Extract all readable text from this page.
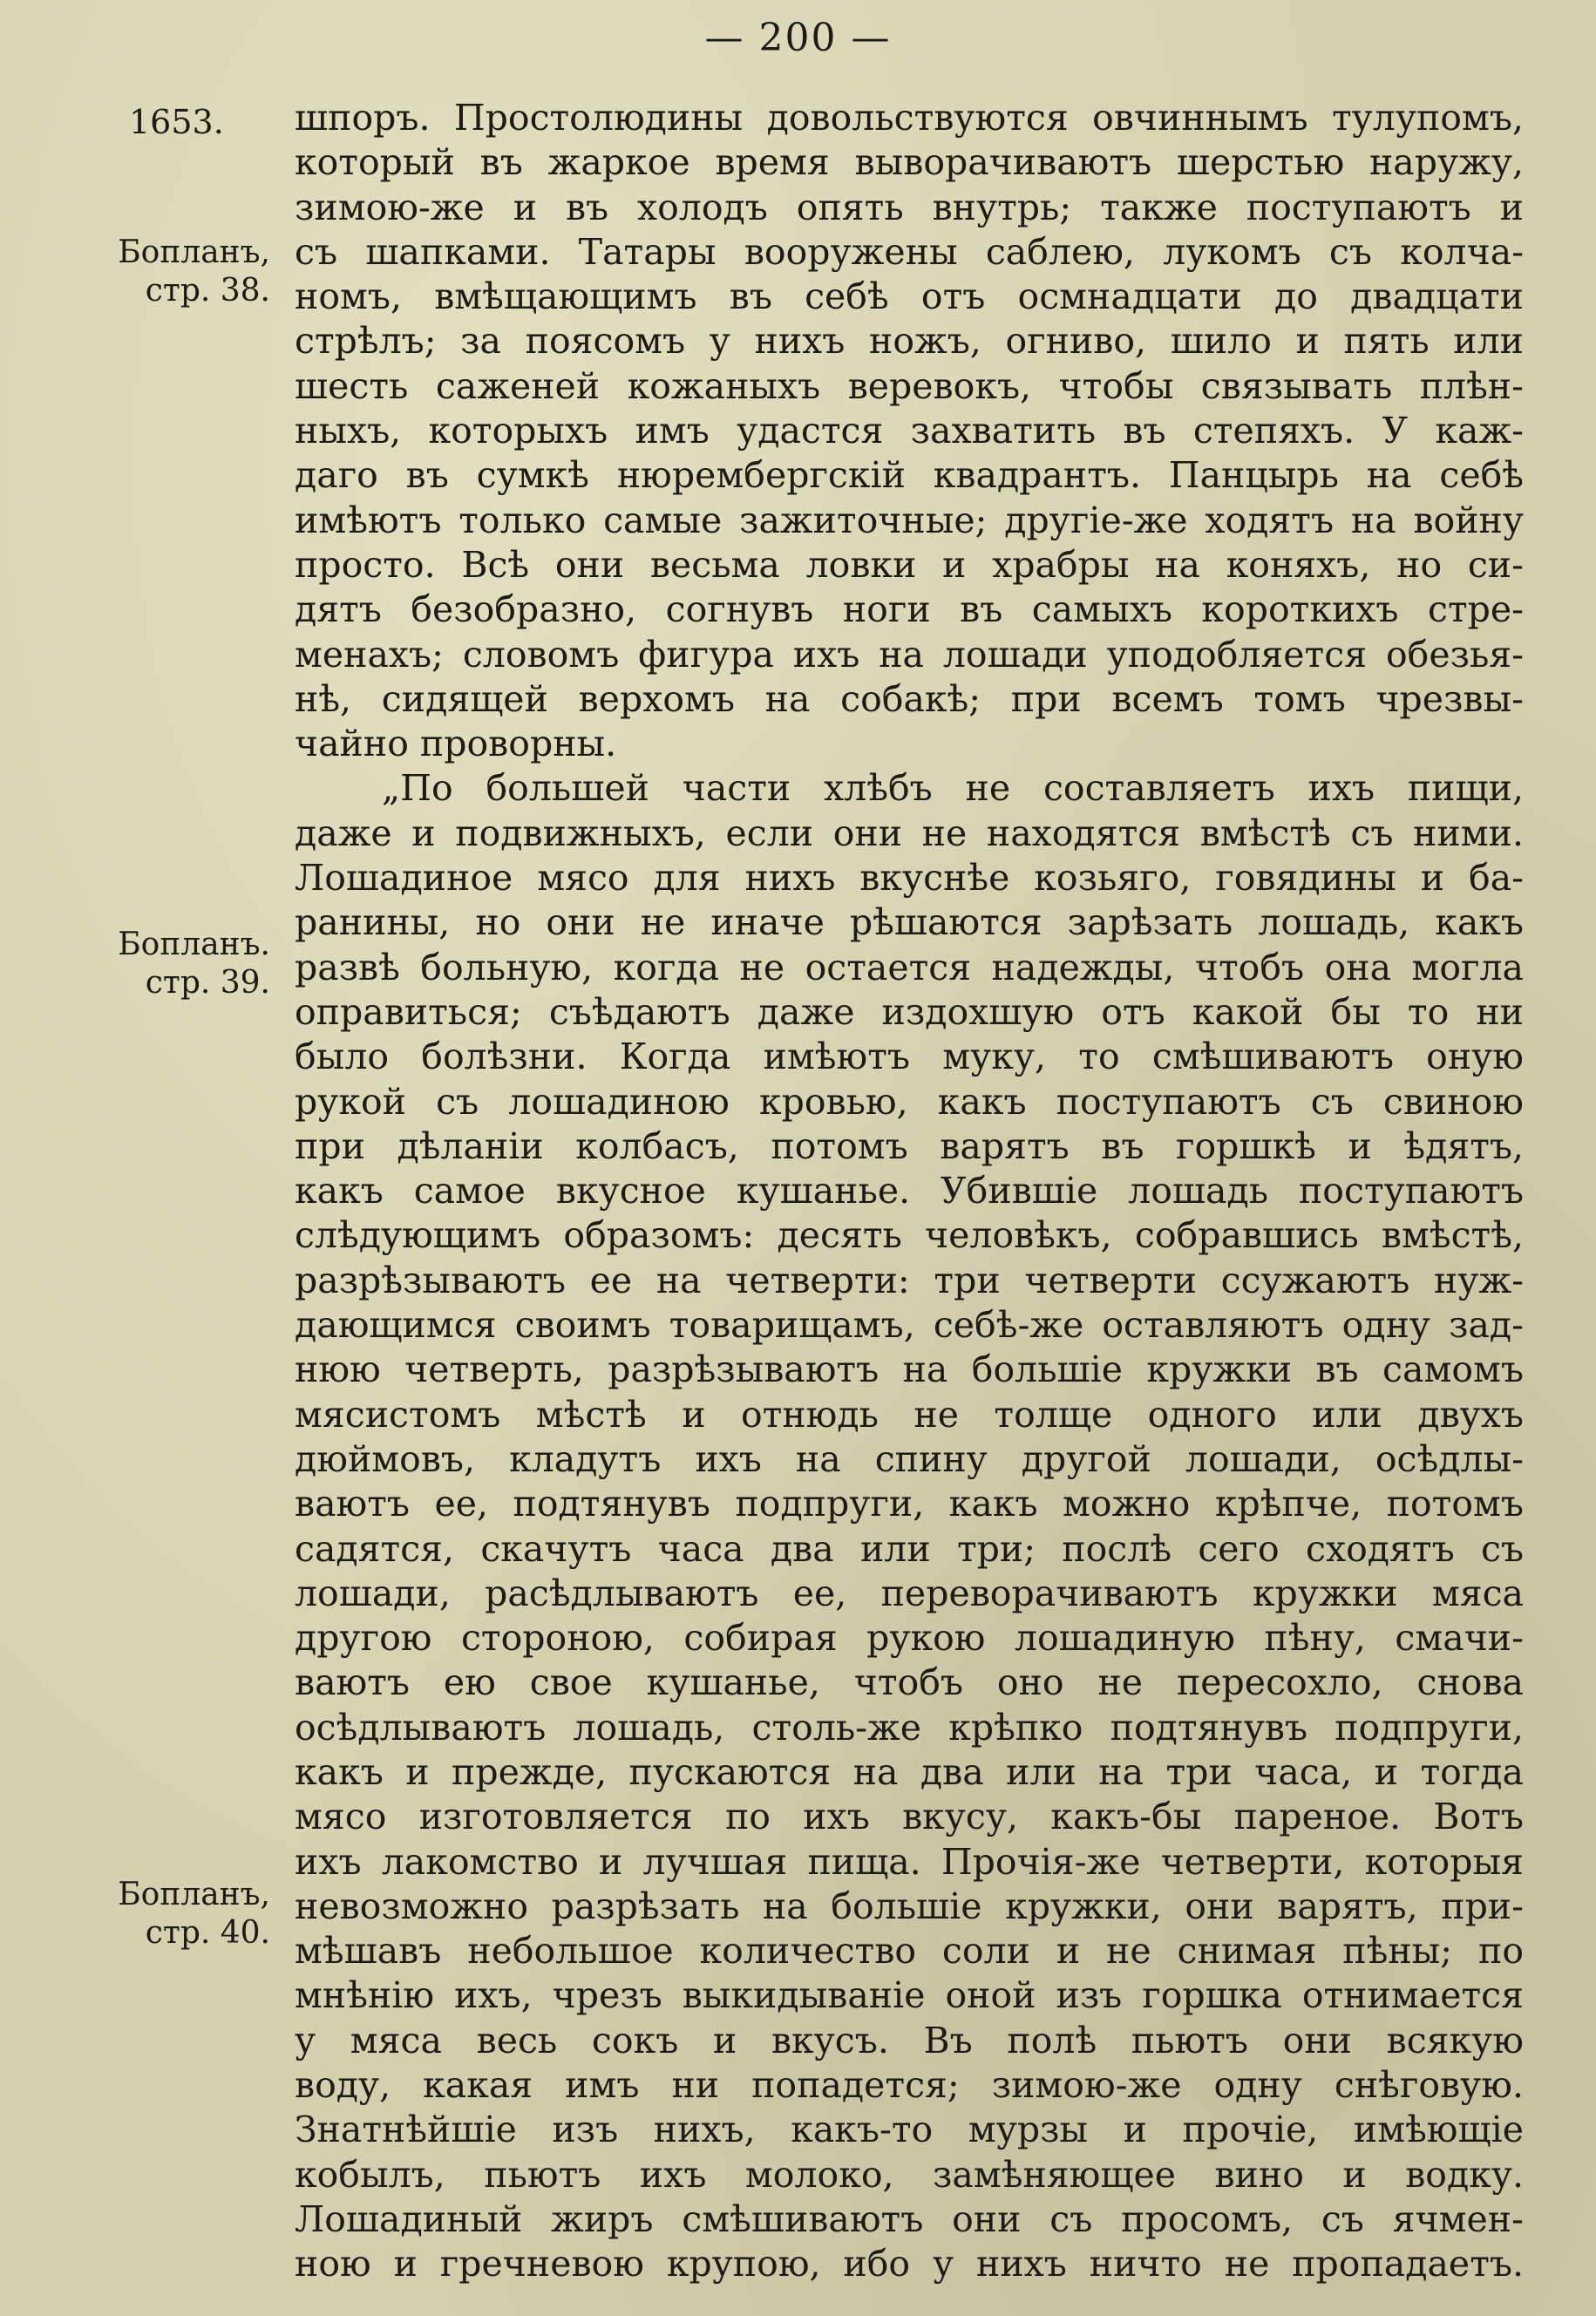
— 200 —
1653.
Бопланъ,
стр. 38.
Бопланъ.
стр. 39.
Бопланъ,
стр. 40.
шпоръ. Простолюдины довольствуются овчиннымъ тулупомъ,
который въ жаркое время выворачиваютъ шерстью наружу,
зимою-же и въ холодъ опять внутрь; также поступаютъ и
съ шапками. Татары вооружены саблею, лукомъ съ колча-
номъ, вмѣщающимъ въ себѣ отъ осмнадцати до двадцати
стрѣлъ; за поясомъ у нихъ ножъ, огниво, шило и пять или
шесть саженей кожаныхъ веревокъ, чтобы связывать плѣн-
ныхъ, которыхъ имъ удастся захватить въ степяхъ. У каж-
даго въ сумкѣ нюрембергскій квадрантъ. Панцырь на себѣ
имѣютъ только самые зажиточные; другіе-же ходятъ на войну
просто. Всѣ они весьма ловки и храбры на коняхъ, но си-
дятъ безобразно, согнувъ ноги въ самыхъ короткихъ стре-
менахъ; словомъ фигура ихъ на лошади уподобляется обезья-
нѣ, сидящей верхомъ на собакѣ; при всемъ томъ чрезвы-
чайно проворны.
„По большей части хлѣбъ не составляетъ ихъ пищи,
даже и подвижныхъ, если они не находятся вмѣстѣ съ ними.
Лошадиное мясо для нихъ вкуснѣе козьяго, говядины и ба-
ранины, но они не иначе рѣшаются зарѣзать лошадь, какъ
развѣ больную, когда не остается надежды, чтобъ она могла
оправиться; съѣдаютъ даже издохшую отъ какой бы то ни
было болѣзни. Когда имѣютъ муку, то смѣшиваютъ оную
рукой съ лошадиною кровью, какъ поступаютъ съ свиною
при дѣланіи колбасъ, потомъ варятъ въ горшкѣ и ѣдятъ,
какъ самое вкусное кушанье. Убившіе лошадь поступаютъ
слѣдующимъ образомъ: десять человѣкъ, собравшись вмѣстѣ,
разрѣзываютъ ее на четверти: три четверти ссужаютъ нуж-
дающимся своимъ товарищамъ, себѣ-же оставляютъ одну зад-
нюю четверть, разрѣзываютъ на большіе кружки въ самомъ
мясистомъ мѣстѣ и отнюдь не толще одного или двухъ
дюймовъ, кладутъ ихъ на спину другой лошади, осѣдлы-
ваютъ ее, подтянувъ подпруги, какъ можно крѣпче, потомъ
садятся, скачутъ часа два или три; послѣ сего сходятъ съ
лошади, расѣдлываютъ ее, переворачиваютъ кружки мяса
другою стороною, собирая рукою лошадиную пѣну, смачи-
ваютъ ею свое кушанье, чтобъ оно не пересохло, снова
осѣдлываютъ лошадь, столь-же крѣпко подтянувъ подпруги,
какъ и прежде, пускаются на два или на три часа, и тогда
мясо изготовляется по ихъ вкусу, какъ-бы пареное. Вотъ
ихъ лакомство и лучшая пища. Прочія-же четверти, которыя
невозможно разрѣзать на большіе кружки, они варятъ, при-
мѣшавъ небольшое количество соли и не снимая пѣны; по
мнѣнію ихъ, чрезъ выкидываніе оной изъ горшка отнимается
у мяса весь сокъ и вкусъ. Въ полѣ пьютъ они всякую
воду, какая имъ ни попадется; зимою-же одну снѣговую.
Знатнѣйшіе изъ нихъ, какъ-то мурзы и прочіе, имѣющіе
кобылъ, пьютъ ихъ молоко, замѣняющее вино и водку.
Лошадиный жиръ смѣшиваютъ они съ просомъ, съ ячмен-
ною и гречневою крупою, ибо у нихъ ничто не пропадаетъ.
